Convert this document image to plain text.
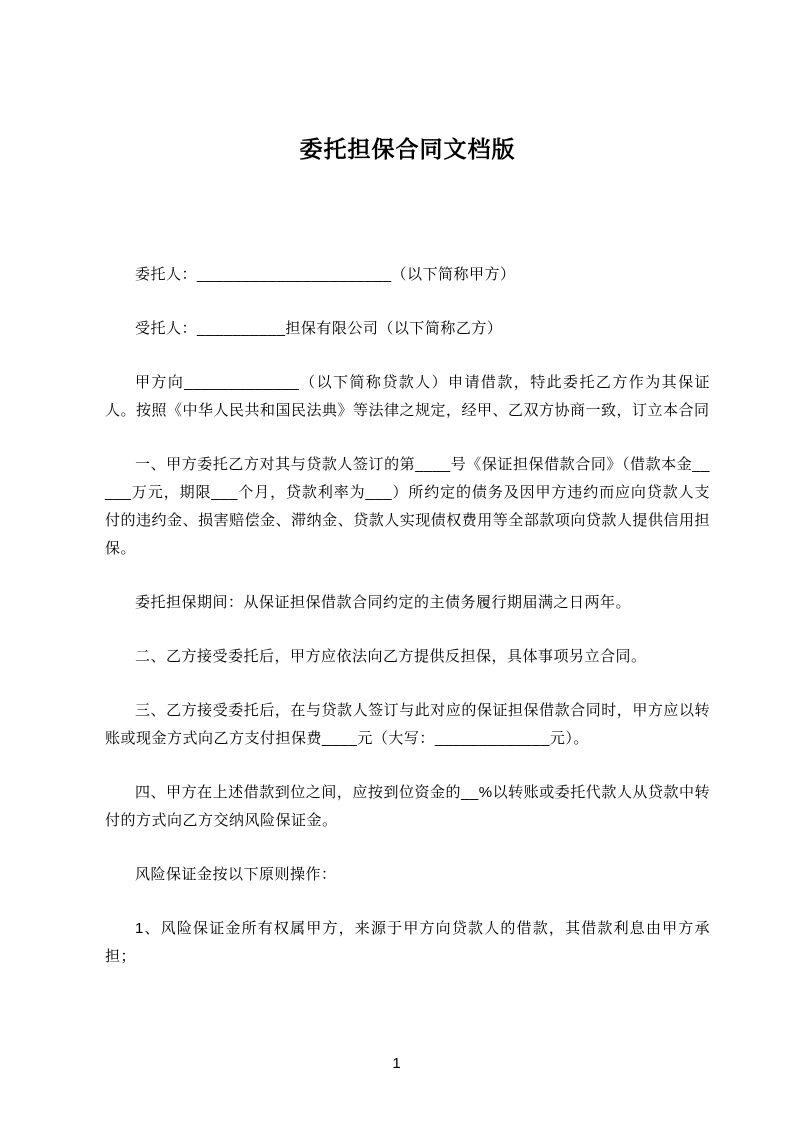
委托担保合同文档版

委托人：______________________（以下简称甲方）

受托人：__________担保有限公司（以下简称乙方）

甲方向_____________（以下简称贷款人）申请借款，特此委托乙方作为其保证人。按照《中华人民共和国民法典》等法律之规定，经甲、乙双方协商一致，订立本合同

一、甲方委托乙方对其与贷款人签订的第____号《保证担保借款合同》（借款本金_____万元，期限___个月，贷款利率为___）所约定的债务及因甲方违约而应向贷款人支付的违约金、损害赔偿金、滞纳金、贷款人实现债权费用等全部款项向贷款人提供信用担保。

委托担保期间：从保证担保借款合同约定的主债务履行期届满之日两年。

二、乙方接受委托后，甲方应依法向乙方提供反担保，具体事项另立合同。

三、乙方接受委托后，在与贷款人签订与此对应的保证担保借款合同时，甲方应以转账或现金方式向乙方支付担保费____元（大写：_____________元）。

四、甲方在上述借款到位之间，应按到位资金的__%以转账或委托代款人从贷款中转付的方式向乙方交纳风险保证金。

风险保证金按以下原则操作：

1、风险保证金所有权属甲方，来源于甲方向贷款人的借款，其借款利息由甲方承担；

1
